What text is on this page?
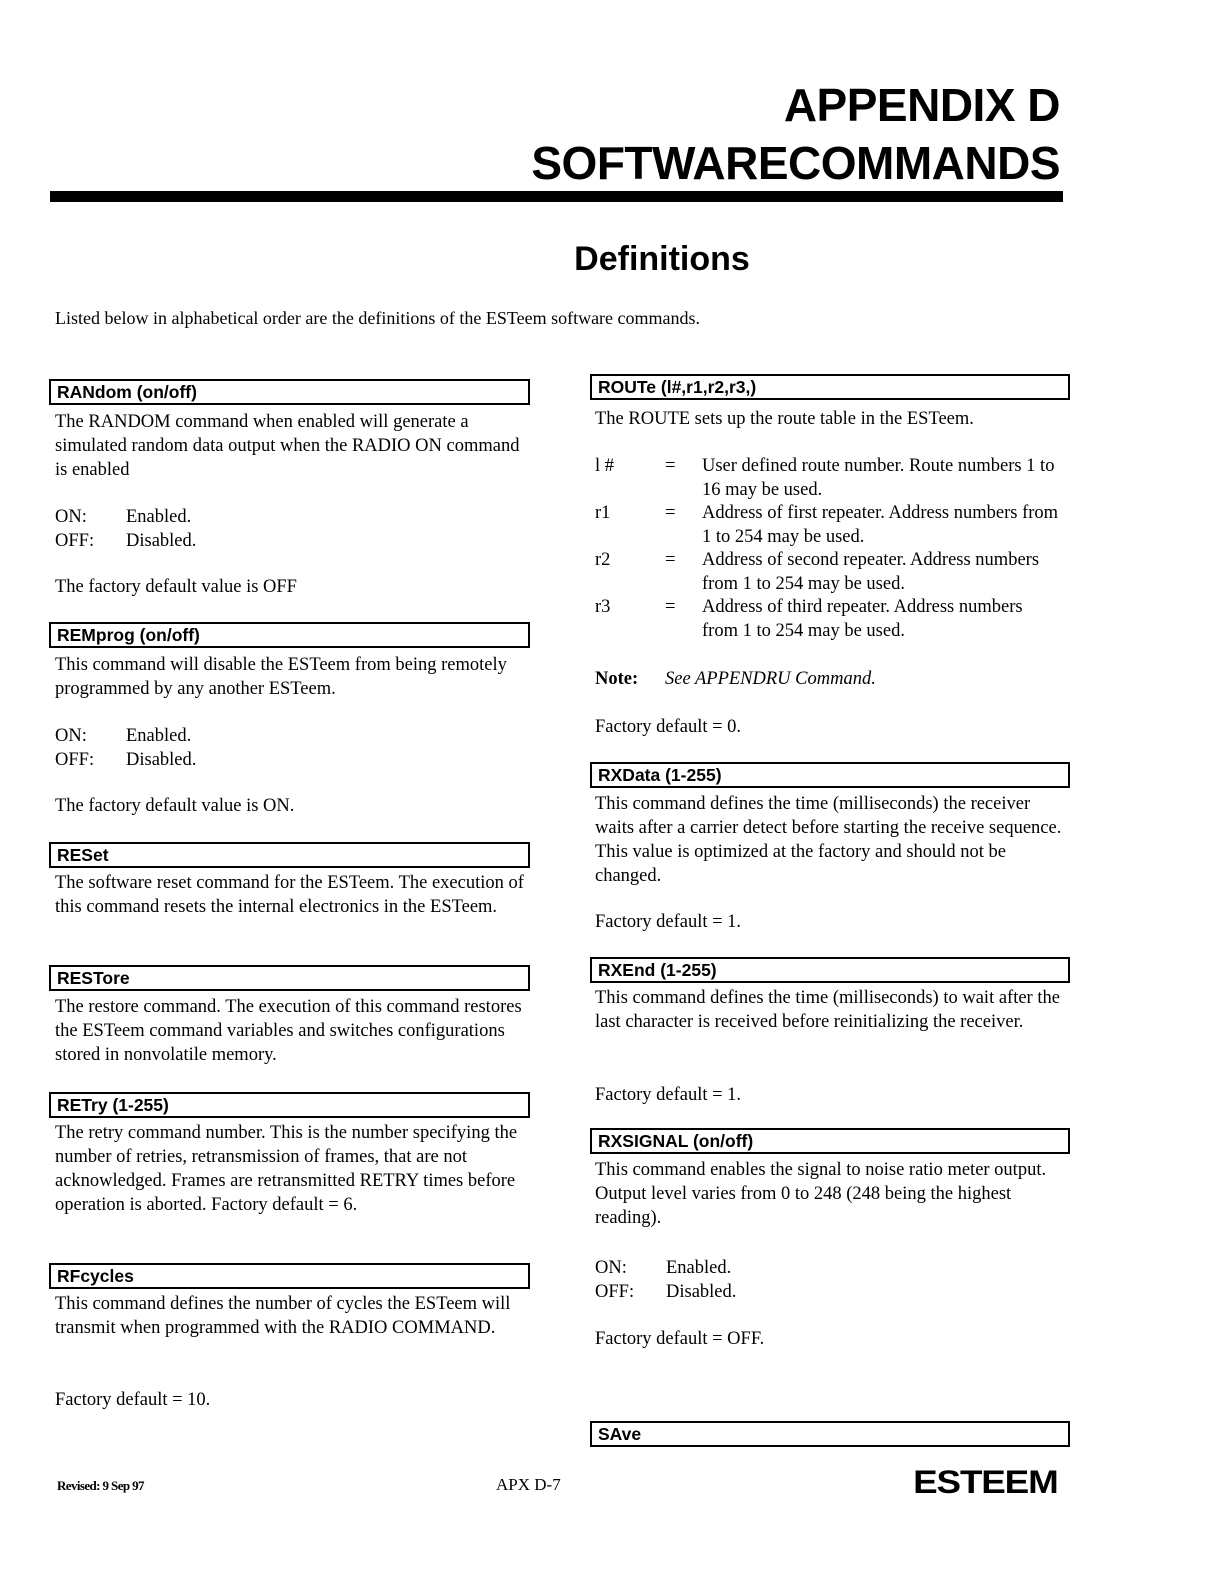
APPENDIX D
SOFTWARECOMMANDS
Definitions
Listed below in alphabetical order are the definitions of the ESTeem software commands.
RANdom (on/off)
The RANDOM command when enabled will generate a simulated random data output when the RADIO ON command is enabled
ON: Enabled.
OFF: Disabled.
The factory default value is OFF
REMprog (on/off)
This command will disable the ESTeem from being remotely programmed by any another ESTeem.
ON: Enabled.
OFF: Disabled.
The factory default value is ON.
RESet
The software reset command for the ESTeem. The execution of this command resets the internal electronics in the ESTeem.
RESTore
The restore command. The execution of this command restores the ESTeem command variables and switches configurations stored in nonvolatile memory.
RETry (1-255)
The retry command number. This is the number specifying the number of retries, retransmission of frames, that are not acknowledged. Frames are retransmitted RETRY times before operation is aborted. Factory default = 6.
RFcycles
This command defines the number of cycles the ESTeem will transmit when programmed with the RADIO COMMAND.
Factory default = 10.
ROUTe (l#,r1,r2,r3,)
The ROUTE sets up the route table in the ESTeem.
l #	= User defined route number. Route numbers 1 to 16 may be used.
r1	= Address of first repeater. Address numbers from 1 to 254 may be used.
r2	= Address of second repeater. Address numbers from 1 to 254 may be used.
r3	= Address of third repeater. Address numbers from 1 to 254 may be used.
Note: See APPENDRU Command.
Factory default = 0.
RXData (1-255)
This command defines the time (milliseconds) the receiver waits after a carrier detect before starting the receive sequence. This value is optimized at the factory and should not be changed.
Factory default = 1.
RXEnd (1-255)
This command defines the time (milliseconds) to wait after the last character is received before reinitializing the receiver.
Factory default = 1.
RXSIGNAL (on/off)
This command enables the signal to noise ratio meter output. Output level varies from 0 to 248 (248 being the highest reading).
ON: Enabled.
OFF: Disabled.
Factory default = OFF.
SAve
Revised: 9 Sep 97	APX D-7	ESTEEM
